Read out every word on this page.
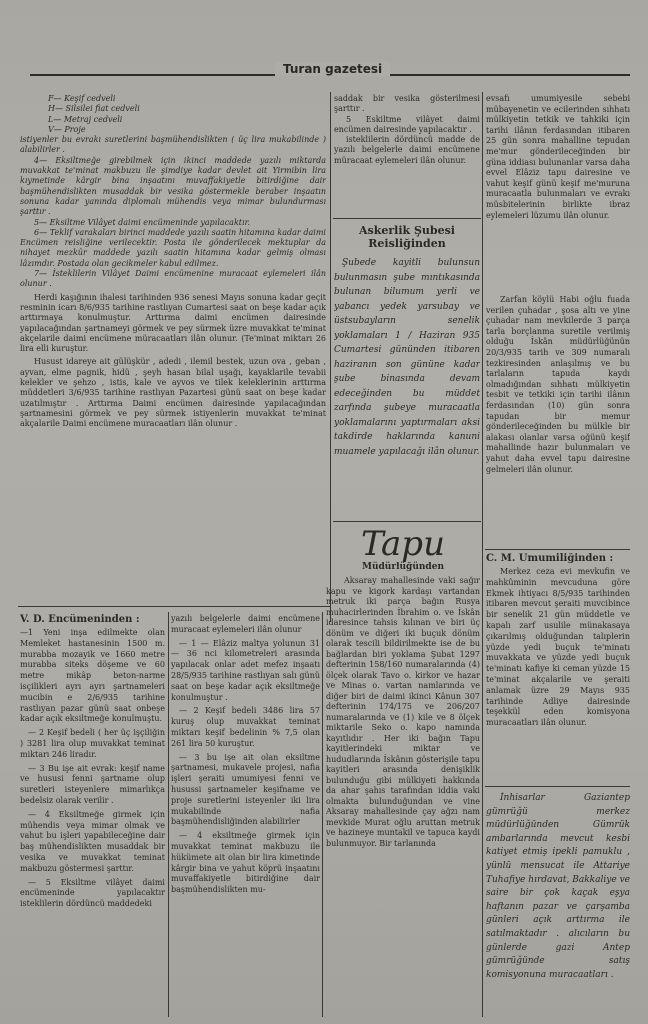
Turan gazetesi

F— Keşif cedveli

H— Silsilei fiat cedveli

L— Metraj cedveli

V— Proje

istiyenler bu evrakı suretlerini başmühendislikten ( üç lira mukabilinde ) alabilirler .

4— Eksiltmeğe girebilmek için ikinci maddede yazılı miktarda muvakkat te'minat makbuzu ile şimdiye kadar devlet ait Yirmibin lira kıymetinde kârgir bina inşaatını muvaffakiyetle bitirdiğine dair başmühendislikten musaddak bir vesika göstermekle beraber inşaatın sonuna kadar yanında diplomalı mühendis veya mimar bulundurması şarttır .

5— Eksiltme Vilâyet daimi encümeninde yapılacaktır.

6— Teklif varakaları birinci maddede yazılı saatin hitamına kadar daimi Encümen reisliğine verilecektir. Posta ile gönderilecek mektuplar da nihayet mezkûr maddede yazılı saatin hitamına kadar gelmiş olması lâzımdır. Postada olan gecikmeler kabul edilmez.

7— İsteklilerin Vilâyet Daimi encümenine muracaat eylemeleri ilân olunur .

Herdi kaşığının ihalesi tarihinden 936 senesi Mayıs sonuna kadar geçit resminin icarı 8/6/935 tarihine rastlıyan Cumartesi saat on beşe kadar açık arttırmaya konulmuştur. Arttırma daimi encümen dairesinde yapılacağından şartnameyi görmek ve pey sürmek üzre muvakkat te'minat akçelarile daimi encümene müracaatları ilân olunur. (Te'minat miktarı 26 lira elli kuruştur.

Husust idareye ait gülüşkür , adedi , ilemil bestek, uzun ova , geban , ayvan, elme pagnik, hidü , şeyh hasan bilal uşağı, kayaklarile tevabii kelekler ve şehzo , istis, kale ve ayvos ve tilek keleklerinin arttırma müddetleri 3/6/935 tarihine rastlıyan Pazartesi günü saat on beşe kadar uzatılmıştır . Arttırma Daimi encümen dairesinde yapılacağından şartnamesini görmek ve pey sürmek istiyenlerin muvakkat te'minat akçalarile Daimi encümene muracaatları ilân olunur .

saddak bir vesika gösterilmesi şarttır .

5 Eskiltme vilâyet daimi encümen dairesinde yapılacaktır .

isteklilerin dördüncü madde de yazılı belgelerle daimi encümene müracaat eylemeleri ilân olunur.

Askerlik Şubesi Reisliğinden

Şubede kayitli bulunsun bulunmasın şube mıntıkasında bulunan bilumum yerli ve yabancı yedek yarsubay ve üstsubayların senelik yoklamaları 1 / Haziran 935 Cumartesi gününden itibaren haziranın son gününe kadar şube binasında devam edeceğinden bu müddet zarfında şubeye muracaatla yoklamalarını yaptırmaları aksi takdirde haklarında kanuni muamele yapılacağı ilân olunur.

Tapu
Müdürlüğünden

Aksaray mahallesinde vaki sağır kapu ve kigork kardaşı vartandan metruk iki parça bağın Rusya muhacirlerinden İbrahim o. ve İskân idaresince tahsis kılınan ve biri üç dönüm ve diğeri iki buçuk dönüm olarak tescili bildirilmekte ise de bu bağlardan biri yoklama Şubat 1297 defterinin 158/160 numaralarında (4) ölçek olarak Tavo o. kirkor ve hazar ve Minas o. vartan namlarında ve diğer biri de daimi ikinci Kânun 307 defterinin 174/175 ve 206/207 numaralarında ve (1) kile ve 8 ölçek miktarile Seko o. kapo namında kayıtlıdır . Her iki bağın Tapu kayitlerindeki miktar ve hududlarında İskânın gösterişile tapu kayitleri arasında denişiklik bulunduğu gibi mülkiyeti hakkında da ahar şahıs tarafından iddia vaki olmakta bulunduğundan ve vine Aksaray mahallesinde çay ağzı nam mevkide Murat oğlu aruttan metruk ve hazineye muntakil ve tapuca kaydi bulunmuyor. Bir tarlanında

evsafı umumiyesile sebebi mübayenetin ve ecilerinden sıhhatı mülkiyetin tetkik ve tahkiki için tarihi ilânın ferdasından itibaren 25 gün sonra mahalline tepudan me'mur gönderileceğinden bir güna iddiası bulunanlar varsa daha evvel Elâziz tapu dairesine ve vahut keşif günü keşif me'muruna muracaatla bulunmaları ve evrakı müsbitelerinin birlikte ibraz eylemeleri lüzumu ilân olunur.

Zarfan köylü Habi oğlu fuada verilen çuhadar , şosa altı ve yine çuhadar nam mevkilerde 3 parça tarla borçlanma suretile verilmiş olduğu İskân müdürlüğünün 20/3/935 tarih ve 309 numaralı tezkiresinden anlaşılmış ve bu tarlaların tapuda kaydı olmadığından sıhhatı mülkiyetin tesbit ve tetkiki için tarihi ilânın ferdasından (10) gün sonra tapudan bir memur gönderileceğinden bu mülkle bir alakası olanlar varsa oğünü keşif mahallinde hazır bulunmaları ve yahut daha evvel tapu dairesine gelmeleri ilân olunur.

C. M. Umumiliğinden :

Merkez ceza evi mevkufin ve mahkûminin mevcuduna göre Ekmek ihtiyacı 8/5/935 tarihinden itibaren mevcut şeraiti muvcibince bir senelik 21 gün müddetle ve kapalı zarf usulile münakasaya çıkarılmış olduğundan talıplerin yüzde yedi buçuk te'minatı muvakkata ve yüzde yedi buçuk te'minatı kafiye ki ceman yüzde 15 te'minat akçalarile ve şeraiti anlamak üzre 29 Mayıs 935 tarihinde Adliye dairesinde teşekkül eden komisyona muracaatları ilân olunur.

İnhisarlar Gaziantep gümrüğü merkez müdürlüğünden Gümrük ambarlarında mevcut kesbi katiyet etmiş ipekli pamuklu , yünlü mensucat ile Attariye Tuhafiye hırdavat, Bakkaliye ve saire bir çok kaçak eşya haftanın pazar ve çarşamba günleri açık arttırma ile satılmaktadır . alıcıların bu günlerde gazi Antep gümrüğünde satış komisyonuna muracaatları .

V. D. Encümeninden :

—1 Yeni inşa edilmekte olan Memleket hastanesinin 1500 m. murabba mozayik ve 1660 metre murabba siteks döşeme ve 60 metre mikâp beton-narme isçilikleri ayrı ayrı şartnameleri mucibin e 2/6/935 tarihine rastlıyan pazar günü saat onbeşe kadar açık eksiltmeğe konulmuştu.

— 2 Keşif bedeli ( her üç işçiliğin ) 3281 lira olup muvakkat teminat miktarı 246 liradır.

— 3 Bu işe ait evrak: keşif name ve hususi fenni şartname olup suretleri isteyenlere mimarlıkça bedelsiz olarak verilir .

— 4 Eksiltmeğe girmek için mühendis veya mimar olmak ve vahut bu işleri yapabileceğine dair baş mühendislikten musaddak bir vesika ve muvakkat teminat makbuzu göstermesi şarttır.

— 5 Eksiltme vilâyet daimi encümeninde yapılacaktır isteklilerin dördüncü maddedeki

yazılı belgelerle daimi encümene muracaat eylemeleri ilân olunur

— 1 — Elâziz maltya yolunun 31 — 36 nci kilometreleri arasında yapılacak onlar adet mefez inşaatı 28/5/935 tarihine rastlıyan salı günü saat on beşe kadar açık eksiltmeğe konulmuştur .

— 2 Keşif bedeli 3486 lira 57 kuruş olup muvakkat teminat miktarı keşif bedelinin % 7,5 olan 261 lira 50 kuruştur.

— 3 bu işe ait olan eksiltme şartnamesi, mukavele projesi, nafia işleri şeraiti umumiyesi fenni ve husussi şartnameler keşifname ve proje suretlerini isteyenler iki lira mukabilinde nafia başmühendisliğinden alabilirler

— 4 eksiltmeğe girmek için muvakkat teminat makbuzu ile hükümete ait olan bir lira kimetinde kârgir bina ve yahut köprü inşaatını muvaffakiyetle bitirdiğine dair başmühendislikten mu-
